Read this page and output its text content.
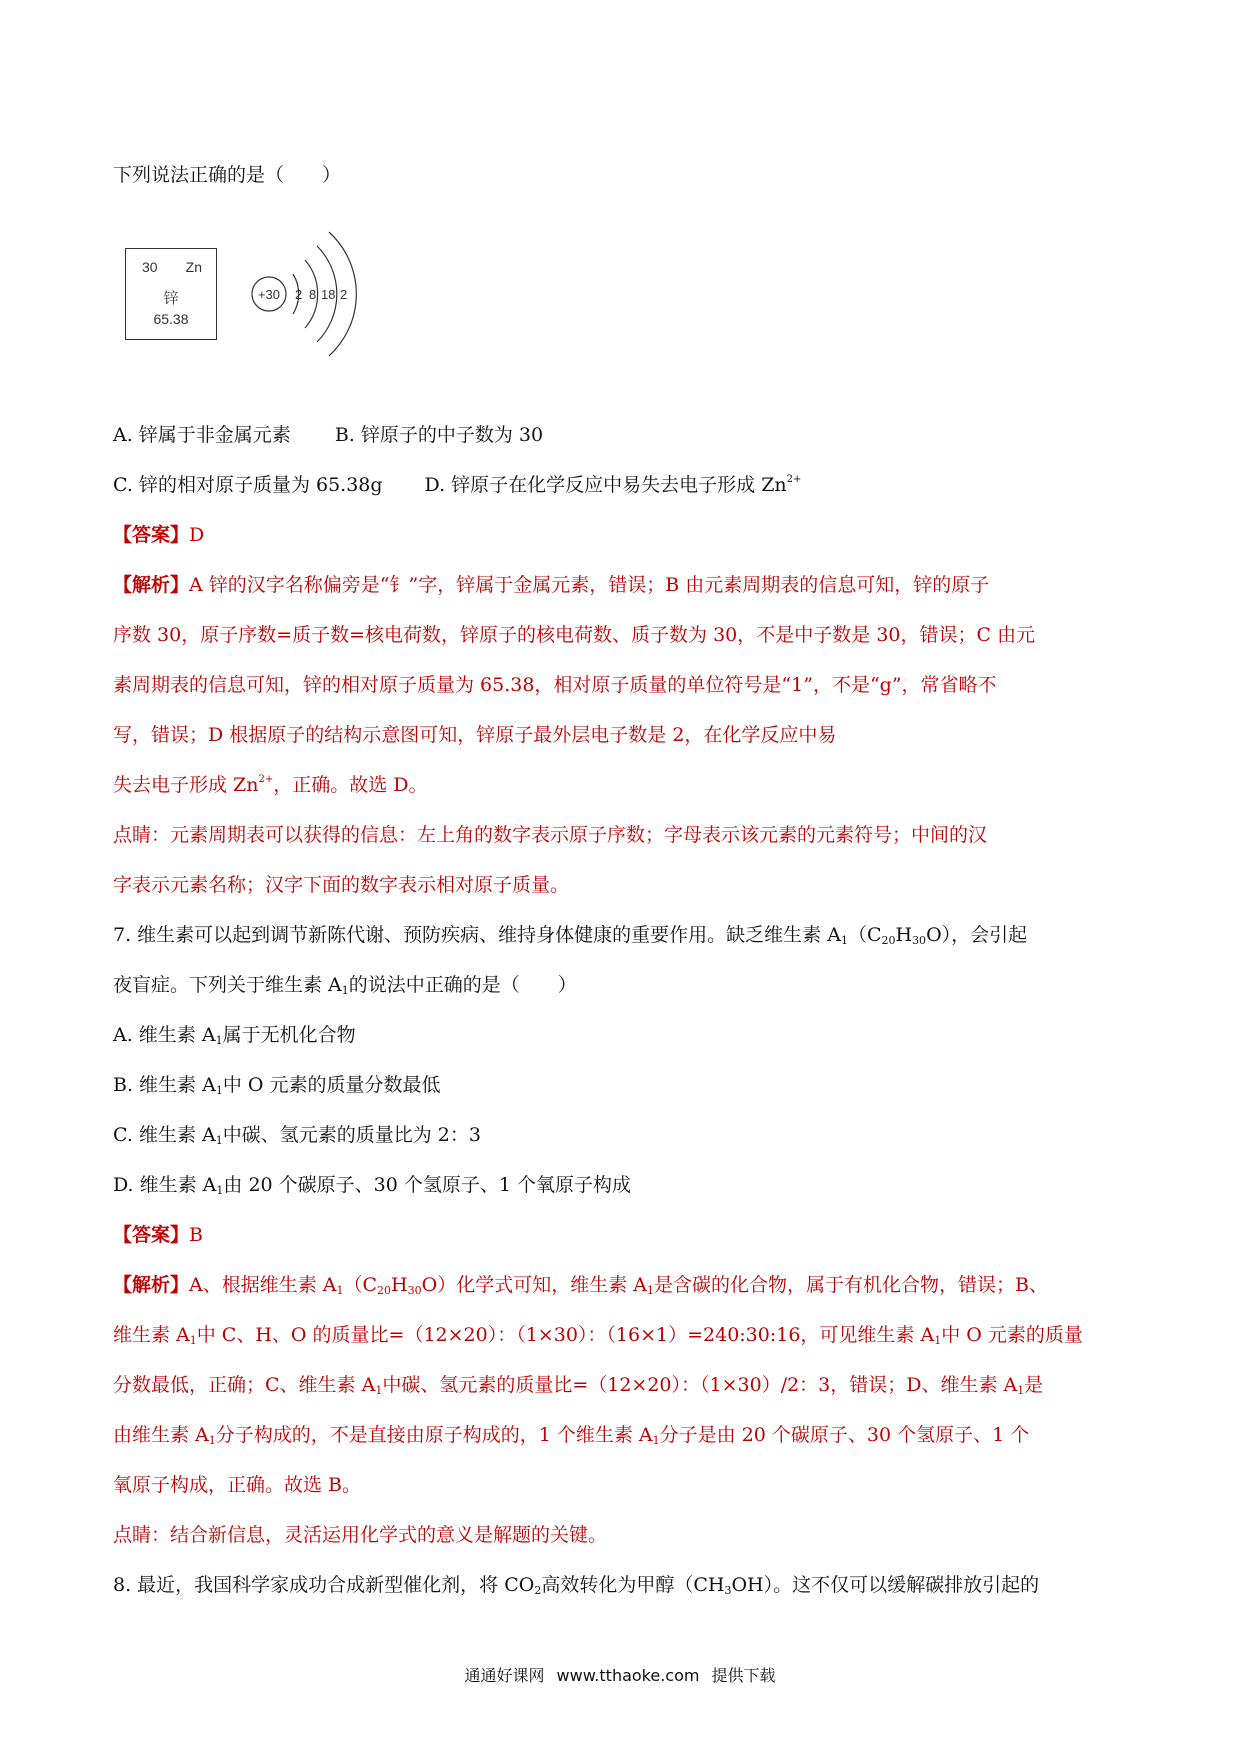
下列说法正确的是（　　）

30 Zn
锌
65.38
+30 2 8 18 2

A. 锌属于非金属元素 B. 锌原子的中子数为 30

C. 锌的相对原子质量为 65.38g D. 锌原子在化学反应中易失去电子形成 $Zn^{2+}$

【答案】D

【解析】A 锌的汉字名称偏旁是“钅”字，锌属于金属元素，错误；B 由元素周期表的信息可知，锌的原子

序数 30，原子序数=质子数=核电荷数，锌原子的核电荷数、质子数为 30，不是中子数是 30，错误；C 由元

素周期表的信息可知，锌的相对原子质量为 65.38，相对原子质量的单位符号是“1”，不是“g”，常省略不

写，错误；D 根据原子的结构示意图可知，锌原子最外层电子数是 2，在化学反应中易

失去电子形成 $Zn^{2+}$，正确。故选 D。

点睛：元素周期表可以获得的信息：左上角的数字表示原子序数；字母表示该元素的元素符号；中间的汉

字表示元素名称；汉字下面的数字表示相对原子质量。

7. 维生素可以起到调节新陈代谢、预防疾病、维持身体健康的重要作用。缺乏维生素 $A_1(C_{20}H_{30}O)$，会引起

夜盲症。下列关于维生素 $A_1$的说法中正确的是（　　）

A. 维生素 $A_1$属于无机化合物

B. 维生素 $A_1$中 O 元素的质量分数最低

C. 维生素 $A_1$中碳、氢元素的质量比为 2：3

D. 维生素 $A_1$由 20 个碳原子、30 个氢原子、1 个氧原子构成

【答案】B

【解析】A、根据维生素 $A_1(C_{20}H_{30}O)$化学式可知，维生素 $A_1$是含碳的化合物，属于有机化合物，错误；B、

维生素 $A_1$中 C、H、O 的质量比=（12×20）：（1×30）：（16×1）=240:30:16，可见维生素 $A_1$中 O 元素的质量

分数最低，正确；C、维生素 $A_1$中碳、氢元素的质量比=（12×20）：（1×30）/2：3，错误；D、维生素 $A_1$是

由维生素 $A_1$分子构成的，不是直接由原子构成的，1 个维生素 $A_1$分子是由 20 个碳原子、30 个氢原子、1 个

氧原子构成，正确。故选 B。

点睛：结合新信息，灵活运用化学式的意义是解题的关键。

8. 最近，我国科学家成功合成新型催化剂，将 $CO_2$高效转化为甲醇$(CH_3OH)$。这不仅可以缓解碳排放引起的

通通好课网 www.tthaoke.com 提供下载
